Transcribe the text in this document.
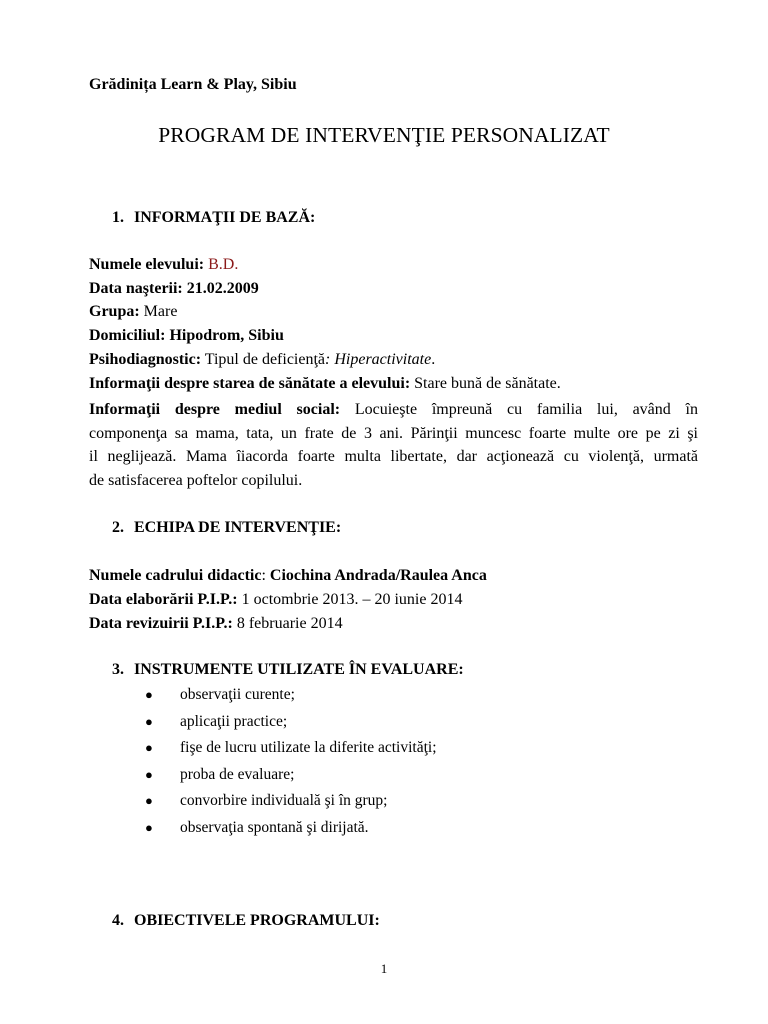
Grădinița Learn & Play, Sibiu
PROGRAM DE INTERVENŢIE PERSONALIZAT
1. INFORMAŢII DE BAZĂ:
Numele elevului: B.D.
Data naşterii: 21.02.2009
Grupa: Mare
Domiciliul: Hipodrom, Sibiu
Psihodiagnostic: Tipul de deficienţă: Hiperactivitate.
Informaţii despre starea de sănătate a elevului: Stare bună de sănătate.
Informaţii despre mediul social: Locuieşte împreună cu familia lui, având în
componenţa sa mama, tata, un frate de 3 ani. Părinţii muncesc foarte multe ore pe zi şi
il neglijează. Mama îiacorda foarte multa libertate, dar acţionează cu violenţă, urmată
de satisfacerea poftelor copilului.
2. ECHIPA DE INTERVENŢIE:
Numele cadrului didactic: Ciochina Andrada/Raulea Anca
Data elaborării P.I.P.: 1 octombrie 2013. – 20 iunie 2014
Data revizuirii P.I.P.: 8 februarie 2014
3. INSTRUMENTE UTILIZATE ÎN EVALUARE:
● observaţii curente;
● aplicaţii practice;
● fişe de lucru utilizate la diferite activităţi;
● proba de evaluare;
● convorbire individuală şi în grup;
● observaţia spontană şi dirijată.
4. OBIECTIVELE PROGRAMULUI:
1
